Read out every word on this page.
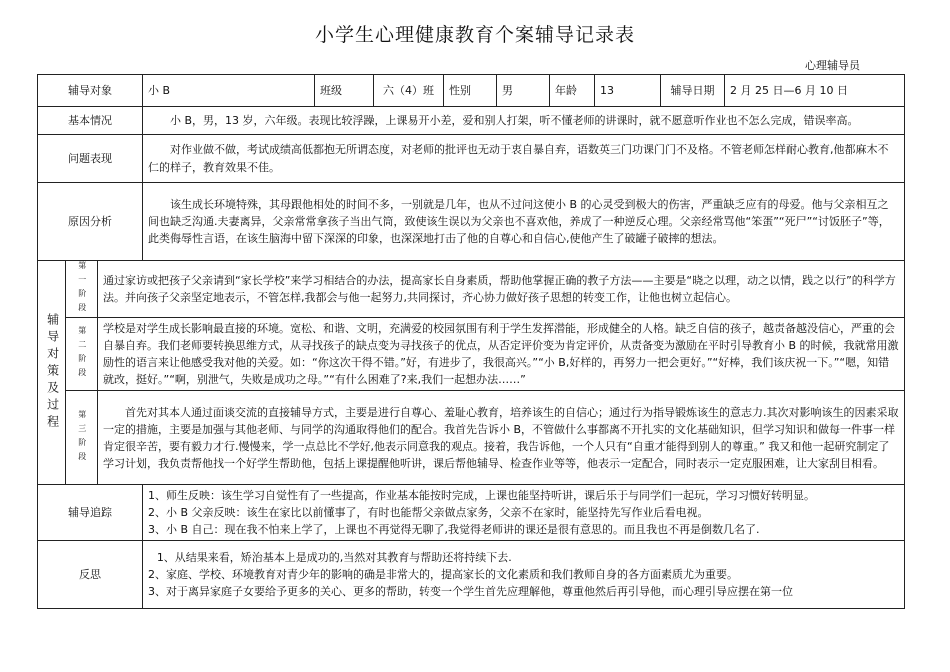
小学生心理健康教育个案辅导记录表
心理辅导员
辅导对象			小 B	班级	六（4）班	性别	男	年龄	13	辅导日期	2 月 25 日—6 月 10 日
基本情况			小 B，男，13 岁，六年级。表现比较浮躁，上课易开小差，爱和别人打架，听不懂老师的讲课时，就不愿意听作业也不怎么完成，错误率高。								
问题表现			对作业做不做，考试成绩高低都抱无所谓态度，对老师的批评也无动于衷自暴自弃，语数英三门功课门门不及格。不管老师怎样耐心教育,他都麻木不仁的样子，教育效果不佳。								
原因分析			该生成长环境特殊，其母跟他相处的时间不多，一别就是几年，也从不过问这使小 B 的心灵受到极大的伤害，严重缺乏应有的母爱。他与父亲相互之间也缺乏沟通.夫妻离异，父亲常常拿孩子当出气筒，致使该生误以为父亲也不喜欢他，养成了一种逆反心理。父亲经常骂他“笨蛋”“死尸”“讨饭胚子”等，此类侮辱性言语，在该生脑海中留下深深的印象，也深深地打击了他的自尊心和自信心,使他产生了破罐子破摔的想法。								

辅导对策及过程	第一阶段	通过家访或把孩子父亲请到“家长学校”来学习相结合的办法，提高家长自身素质，帮助他掌握正确的教子方法——主要是“晓之以理，动之以情，践之以行”的科学方法。并向孩子父亲坚定地表示，不管怎样,我都会与他一起努力,共同探讨，齐心协力做好孩子思想的转变工作，让他也树立起信心。									

	第二阶段	学校是对学生成长影响最直接的环境。宽松、和谐、文明，充满爱的校园氛围有利于学生发挥潜能，形成健全的人格。缺乏自信的孩子，越责备越没信心，严重的会自暴自弃。我们老师要转换思维方式，从寻找孩子的缺点变为寻找孩子的优点，从否定评价变为肯定评价，从责备变为激励在平时引导教育小 B 的时候，我就常用激励性的语言来让他感受我对他的关爱。如：“你这次干得不错。”好，有进步了，我很高兴。”“小 B,好样的，再努力一把会更好。”“好棒，我们该庆祝一下。”“嗯，知错就改，挺好。”“啊，别泄气，失败是成功之母。”“有什么困难了?来,我们一起想办法……”									

	第三阶段	首先对其本人通过面谈交流的直接辅导方式，主要是进行自尊心、羞耻心教育，培养该生的自信心；通过行为指导锻炼该生的意志力.其次对影响该生的因素采取一定的措施，主要是加强与其他老师、与同学的沟通取得他们的配合。我首先告诉小 B，不管做什么事都离不开扎实的文化基础知识，但学习知识和做每一件事一样肯定很辛苦，要有毅力才行.慢慢来，学一点总比不学好,他表示同意我的观点。接着，我告诉他，一个人只有“自重才能得到别人的尊重。” 我又和他一起研究制定了学习计划，我负责帮他找一个好学生帮助他，包括上课提醒他听讲，课后帮他辅导、检查作业等等，他表示一定配合，同时表示一定克服困难，让大家刮目相看。									
辅导追踪			1、师生反映：该生学习自觉性有了一些提高，作业基本能按时完成，上课也能坚持听讲，课后乐于与同学们一起玩，学习习惯好转明显。
2、小 B 父亲反映：该生在家比以前懂事了，有时也能帮父亲做点家务，父亲不在家时，能坚持先写作业后看电视。
3、小 B 自己：现在我不怕来上学了，上课也不再觉得无聊了,我觉得老师讲的课还是很有意思的。而且我也不再是倒数几名了.								

反思			1、从结果来看，矫治基本上是成功的,当然对其教育与帮助还将持续下去.
2、家庭、学校、环境教育对青少年的影响的确是非常大的，提高家长的文化素质和我们教师自身的各方面素质尤为重要。
3、对于离异家庭子女要给予更多的关心、更多的帮助，转变一个学生首先应理解他，尊重他然后再引导他，而心理引导应摆在第一位								
